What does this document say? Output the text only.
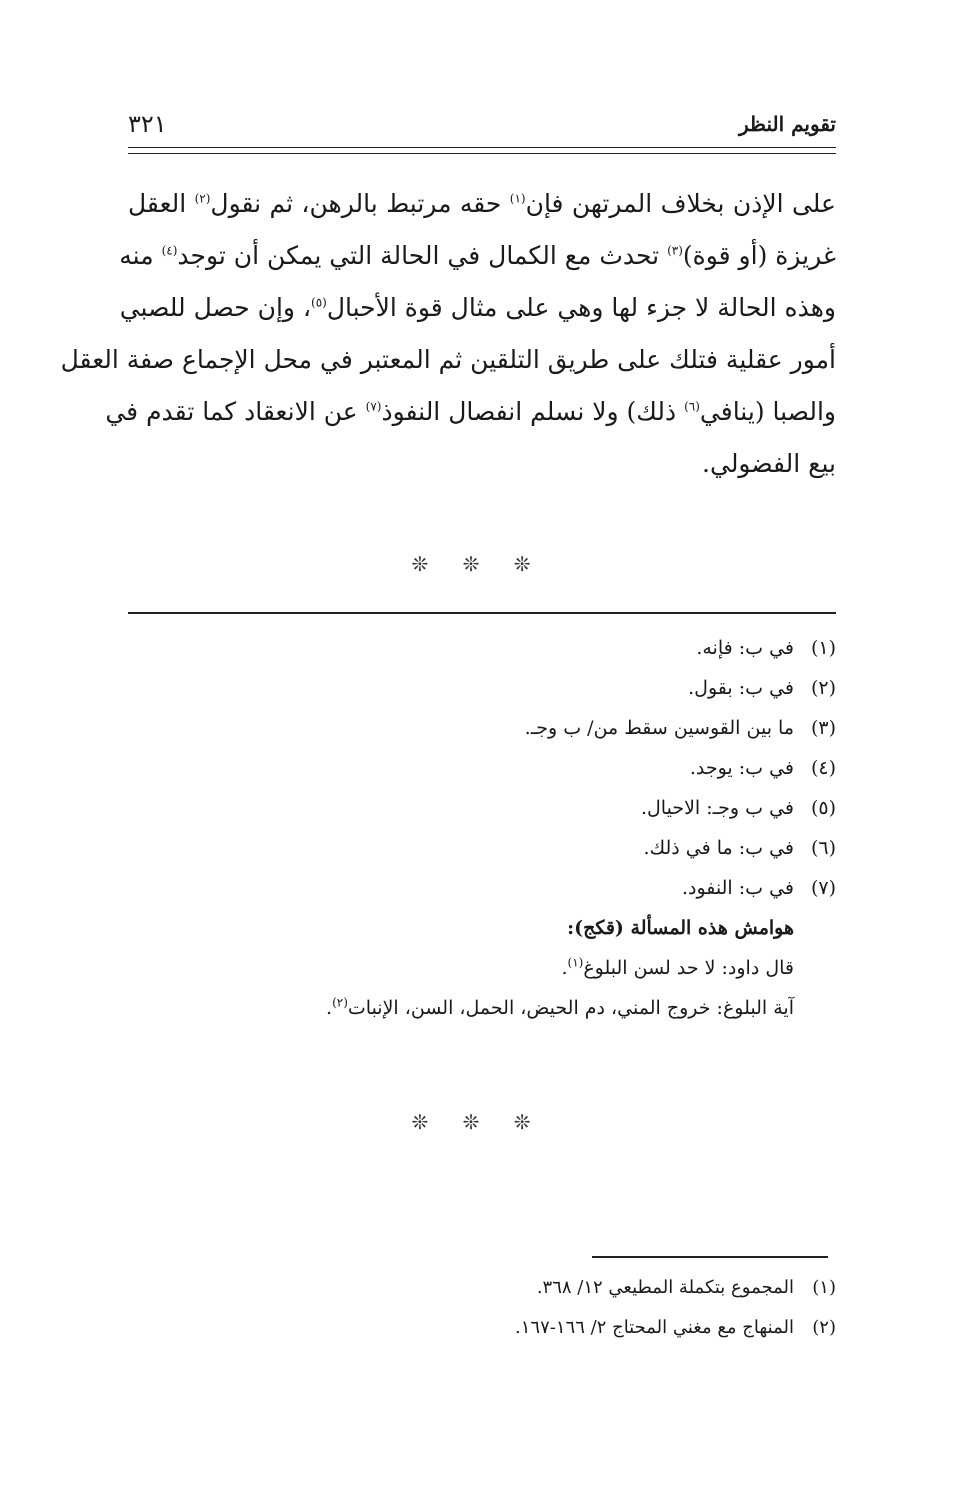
تقويم النظر
٣٢١
على الإذن بخلاف المرتهن فإن$^{(١)}$ حقه مرتبط بالرهن، ثم نقول$^{(٢)}$ العقل
غريزة (أو قوة)$^{(٣)}$ تحدث مع الكمال في الحالة التي يمكن أن توجد$^{(٤)}$ منه
وهذه الحالة لا جزء لها وهي على مثال قوة الأحبال$^{(٥)}$، وإن حصل للصبي
أمور عقلية فتلك على طريق التلقين ثم المعتبر في محل الإجماع صفة العقل
والصبا (ينافي$^{(٦)}$ ذلك) ولا نسلم انفصال النفوذ$^{(٧)}$ عن الانعقاد كما تقدم في
بيع الفضولي.
❊ ❊ ❊
(١)في ب: فإنه.
(٢)في ب: بقول.
(٣)ما بين القوسين سقط من/ ب وجـ.
(٤)في ب: يوجد.
(٥)في ب وجـ: الاحيال.
(٦)في ب: ما في ذلك.
(٧)في ب: النفود.
هوامش هذه المسألة (قكج):
قال داود: لا حد لسن البلوغ$^{(١)}$.
آية البلوغ: خروج المني، دم الحيض، الحمل، السن، الإنبات$^{(٢)}$.
❊ ❊ ❊
(١)المجموع بتكملة المطيعي ١٢/ ٣٦٨.
(٢)المنهاج مع مغني المحتاج ٢/ ١٦٦-١٦٧.
